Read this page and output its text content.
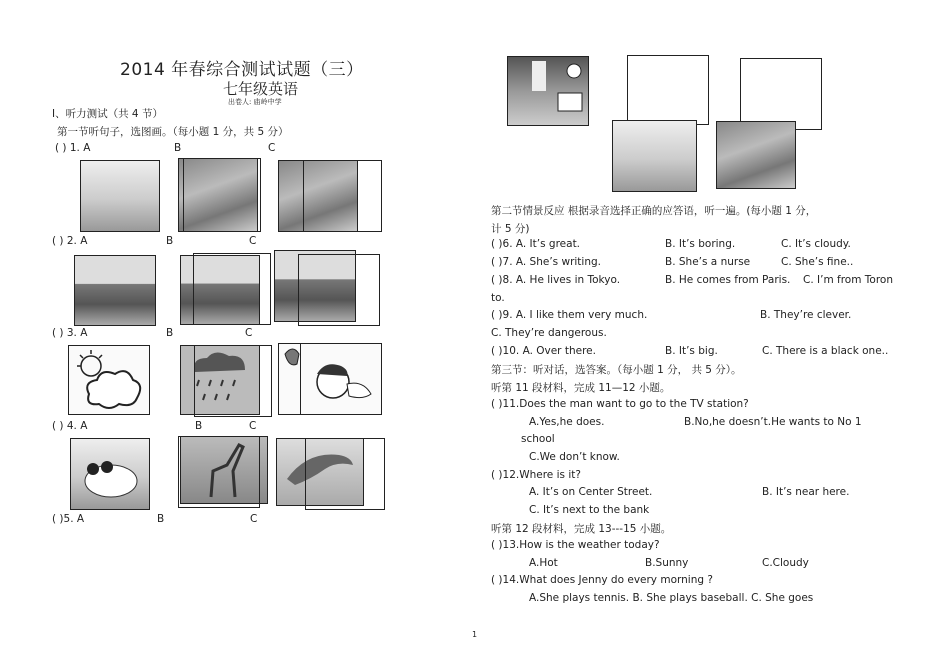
2014 年春综合测试试题（三）
七年级英语
出卷人: 庙岭中学
I、听力测试（共 4 节）
第一节听句子，选图画。（每小题 1 分，共 5 分）
( ) 1. A	B	C
( ) 2. A	B	C
( ) 3. A	B	C
( ) 4. A	B	C
( )5. A	B	C
第二节情景反应 根据录音选择正确的应答语，听一遍。(每小题 1 分，
计 5 分)
( )6. A. It’s great.	B. It’s boring.	C. It’s cloudy.
( )7. A. She’s writing.	B. She’s a nurse	C. She’s fine..
( )8. A. He lives in Tokyo.	B. He comes from Paris. C. I’m from Toron
to.
( )9. A. I like them very much.	B. They’re clever.
C. They’re dangerous.
( )10. A. Over there.	B. It’s big.	C. There is a black one..
第三节：听对话，选答案。（每小题 1 分， 共 5 分）。
听第 11 段材料，完成 11—12 小题。
( )11.Does the man want to go to the TV station?
A.Yes,he does.	B.No,he doesn’t.He wants to No 1
school
C.We don’t know.
( )12.Where is it?
A. It’s on Center Street.	B. It’s near here.
C. It’s next to the bank
听第 12 段材料，完成 13---15 小题。
( )13.How is the weather today?
A.Hot	B.Sunny	C.Cloudy
( )14.What does Jenny do every morning ?
A.She plays tennis. B. She plays baseball. C. She goes
1
